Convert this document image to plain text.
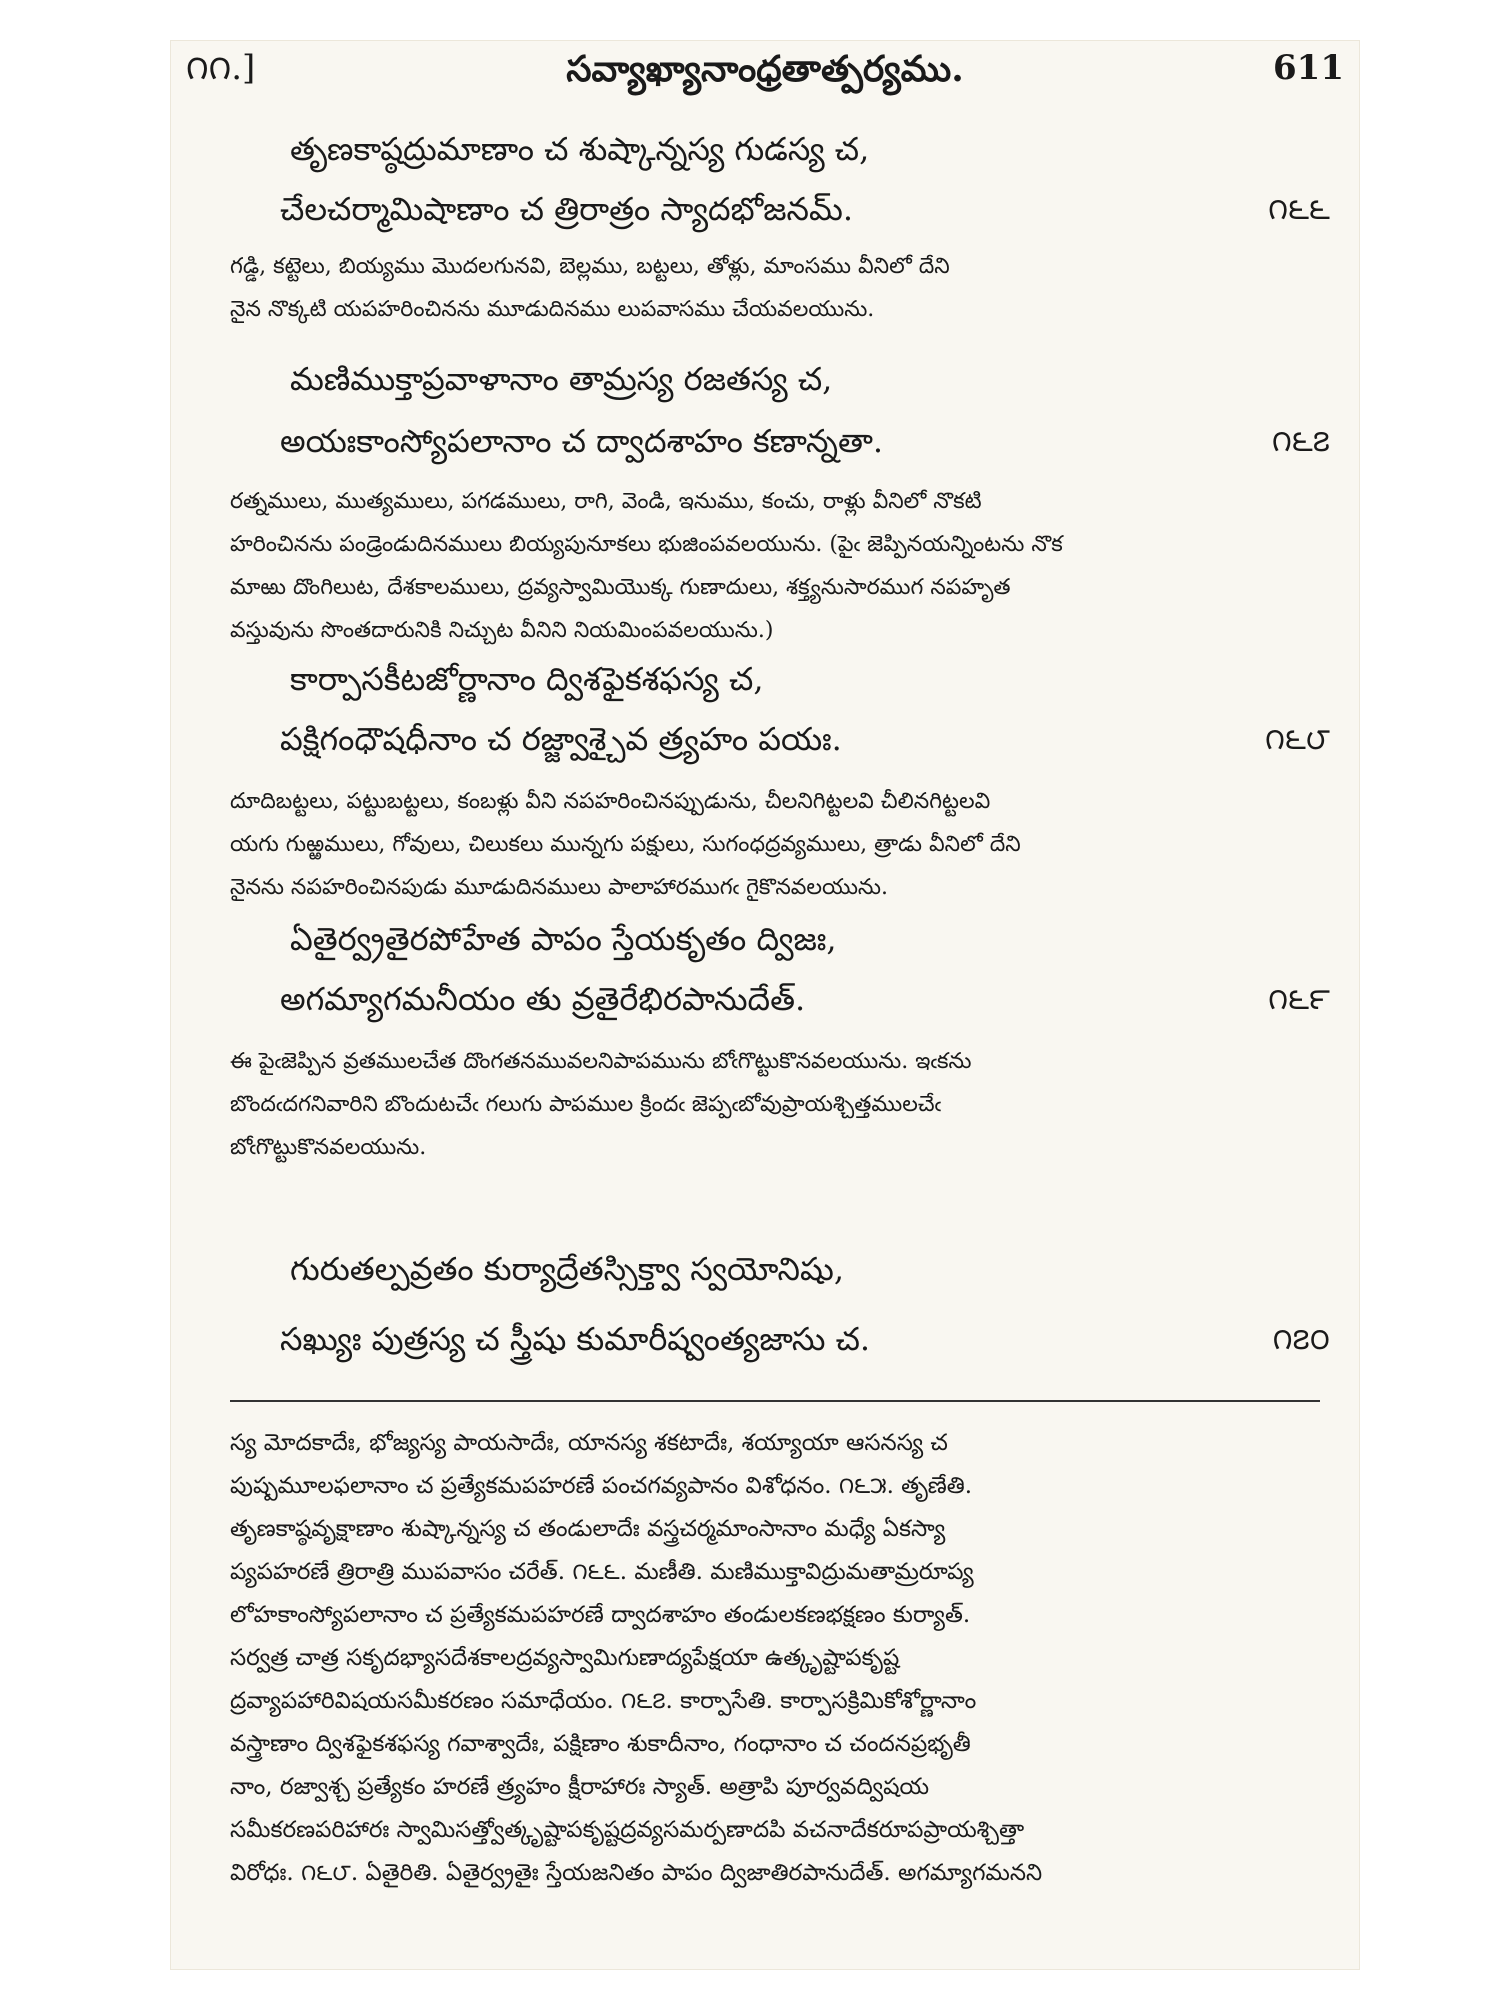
౧౧.]	సవ్యాఖ్యానాంధ్రతాత్పర్యము.	611
తృణకాష్ఠద్రుమాణాం చ శుష్కాన్నస్య గుడస్య చ,
చేలచర్మామిషాణాం చ త్రిరాత్రం స్యాదభోజనమ్.	౧౬౬

గడ్డి, కట్టెలు, బియ్యము మొదలగునవి, బెల్లము, బట్టలు, తోళ్లు, మాంసము వీనిలో దేని

నైన నొక్కటి యపహరించినను మూడుదినము లుపవాసము చేయవలయును.

మణిముక్తాప్రవాళానాం తామ్రస్య రజతస్య చ,
అయఃకాంస్యోపలానాం చ ద్వాదశాహం కణాన్నతా.	౧౬౭

రత్నములు, ముత్యములు, పగడములు, రాగి, వెండి, ఇనుము, కంచు, రాళ్లు వీనిలో నొకటి

హరించినను పండ్రెండుదినములు బియ్యపునూకలు భుజింపవలయును. (పైఁ జెప్పినయన్నింటను నొక

మాఱు దొంగిలుట, దేశకాలములు, ద్రవ్యస్వామియొక్క గుణాదులు, శక్త్యనుసారముగ నపహృత

వస్తువును సొంతదారునికి నిచ్చుట వీనిని నియమింపవలయును.)

కార్పాసకీటజోర్ణానాం ద్విశఫైకశఫస్య చ,
పక్షిగంధౌషధీనాం చ రజ్జ్వాశ్చైవ త్ర్యహం పయః.	౧౬౮

దూదిబట్టలు, పట్టుబట్టలు, కంబళ్లు వీని నపహరించినప్పుడును, చీలనిగిట్టలవి చీలినగిట్టలవి

యగు గుఱ్ఱములు, గోవులు, చిలుకలు మున్నగు పక్షులు, సుగంధద్రవ్యములు, త్రాడు వీనిలో దేని

నైనను నపహరించినపుడు మూడుదినములు పాలాహారముగఁ గైకొనవలయును.

ఏతైర్వ్రతైరపోహేత పాపం స్తేయకృతం ద్విజః,
అగమ్యాగమనీయం తు వ్రతైరేభిరపానుదేత్.	౧౬౯

ఈ పైఁజెప్పిన వ్రతములచేత దొంగతనమువలనిపాపమును బోఁగొట్టుకొనవలయును. ఇఁకను

బొందఁదగనివారిని బొందుటచేఁ గలుగు పాపముల క్రిందఁ జెప్పఁబోవుప్రాయశ్చిత్తములచేఁ

బోఁగొట్టుకొనవలయును.

గురుతల్పవ్రతం కుర్యాద్రేతస్సిక్త్వా స్వయోనిషు,
సఖ్యుః పుత్రస్య చ స్త్రీషు కుమారీష్వంత్యజాసు చ.	౧౭౦

స్య మోదకాదేః, భోజ్యస్య పాయసాదేః, యానస్య శకటాదేః, శయ్యాయా ఆసనస్య చ

పుష్పమూలఫలానాం చ ప్రత్యేకమపహరణే పంచగవ్యపానం విశోధనం. ౧౬౫. తృణేతి.

తృణకాష్ఠవృక్షాణాం శుష్కాన్నస్య చ తండులాదేః వస్త్రచర్మమాంసానాం మధ్యే ఏకస్యా

ప్యపహరణే త్రిరాత్రి ముపవాసం చరేత్. ౧౬౬. మణీతి. మణిముక్తావిద్రుమతామ్రరూప్య

లోహకాంస్యోపలానాం చ ప్రత్యేకమపహరణే ద్వాదశాహం తండులకణభక్షణం కుర్యాత్.

సర్వత్ర చాత్ర సకృదభ్యాసదేశకాలద్రవ్యస్వామిగుణాద్యపేక్షయా ఉత్కృష్టాపకృష్ట

ద్రవ్యాపహారివిషయసమీకరణం సమాధేయం. ౧౬౭. కార్పాసేతి. కార్పాసక్రిమికోశోర్ణానాం

వస్త్రాణాం ద్విశఫైకశఫస్య గవాశ్వాదేః, పక్షిణాం శుకాదీనాం, గంధానాం చ చందనప్రభృతీ

నాం, రజ్వాశ్చ ప్రత్యేకం హరణే త్ర్యహం క్షీరాహారః స్యాత్. అత్రాపి పూర్వవద్విషయ

సమీకరణపరిహారః స్వామిసత్త్వోత్కృష్టాపకృష్టద్రవ్యసమర్పణాదపి వచనాదేకరూపప్రాయశ్చిత్తా

విరోధః. ౧౬౮. ఏతైరితి. ఏతైర్వ్రతైః స్తేయజనితం పాపం ద్విజాతిరపానుదేత్. అగమ్యాగమనని
